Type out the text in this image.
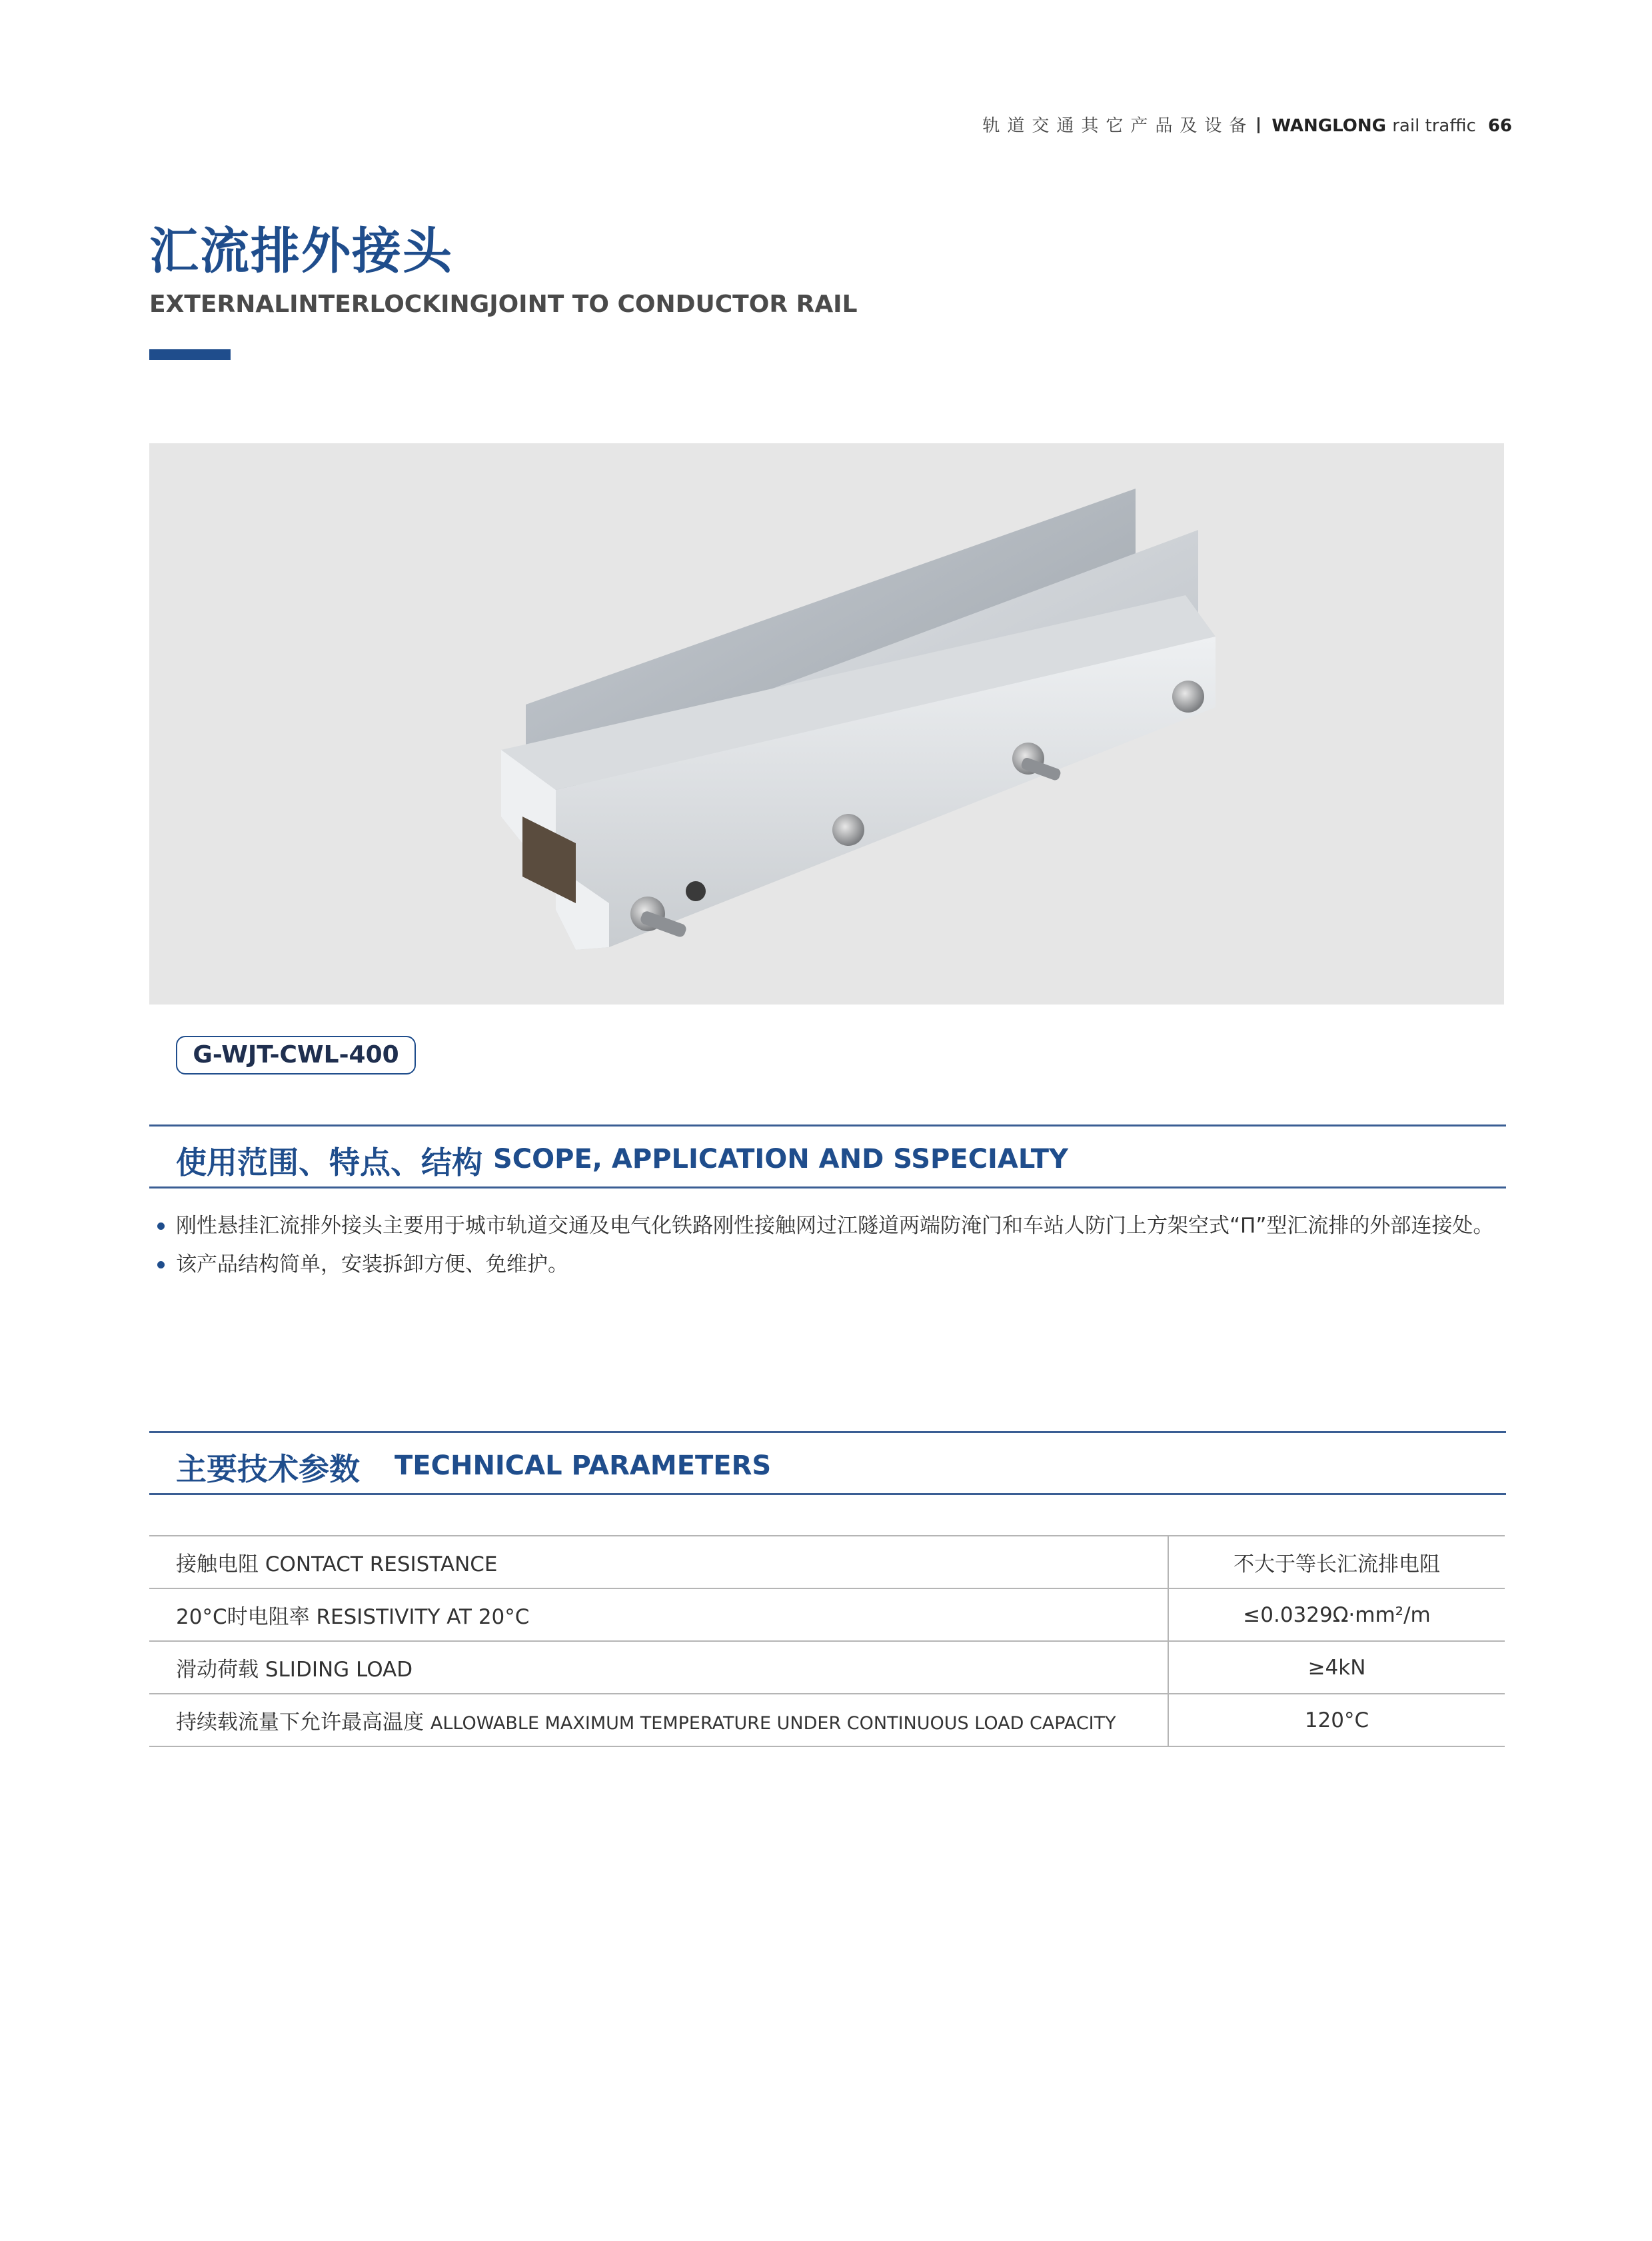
轨道交通其它产品及设备 WANGLONG rail traffic 66
汇流排外接头
EXTERNALINTERLOCKINGJOINT TO CONDUCTOR RAIL
G-WJT-CWL-400
使用范围、特点、结构 SCOPE, APPLICATION AND SSPECIALTY
刚性悬挂汇流排外接头主要用于城市轨道交通及电气化铁路刚性接触网过江隧道两端防淹门和车站人防门上方架空式“Π”型汇流排的外部连接处。
该产品结构简单，安装拆卸方便、免维护。
主要技术参数 TECHNICAL PARAMETERS
接触电阻 CONTACT RESISTANCE	不大于等长汇流排电阻
20°C时电阻率 RESISTIVITY AT 20°C	≤0.0329Ω·mm²/m
滑动荷载 SLIDING LOAD	≥4kN
持续载流量下允许最高温度 ALLOWABLE MAXIMUM TEMPERATURE UNDER CONTINUOUS LOAD CAPACITY	120°C
